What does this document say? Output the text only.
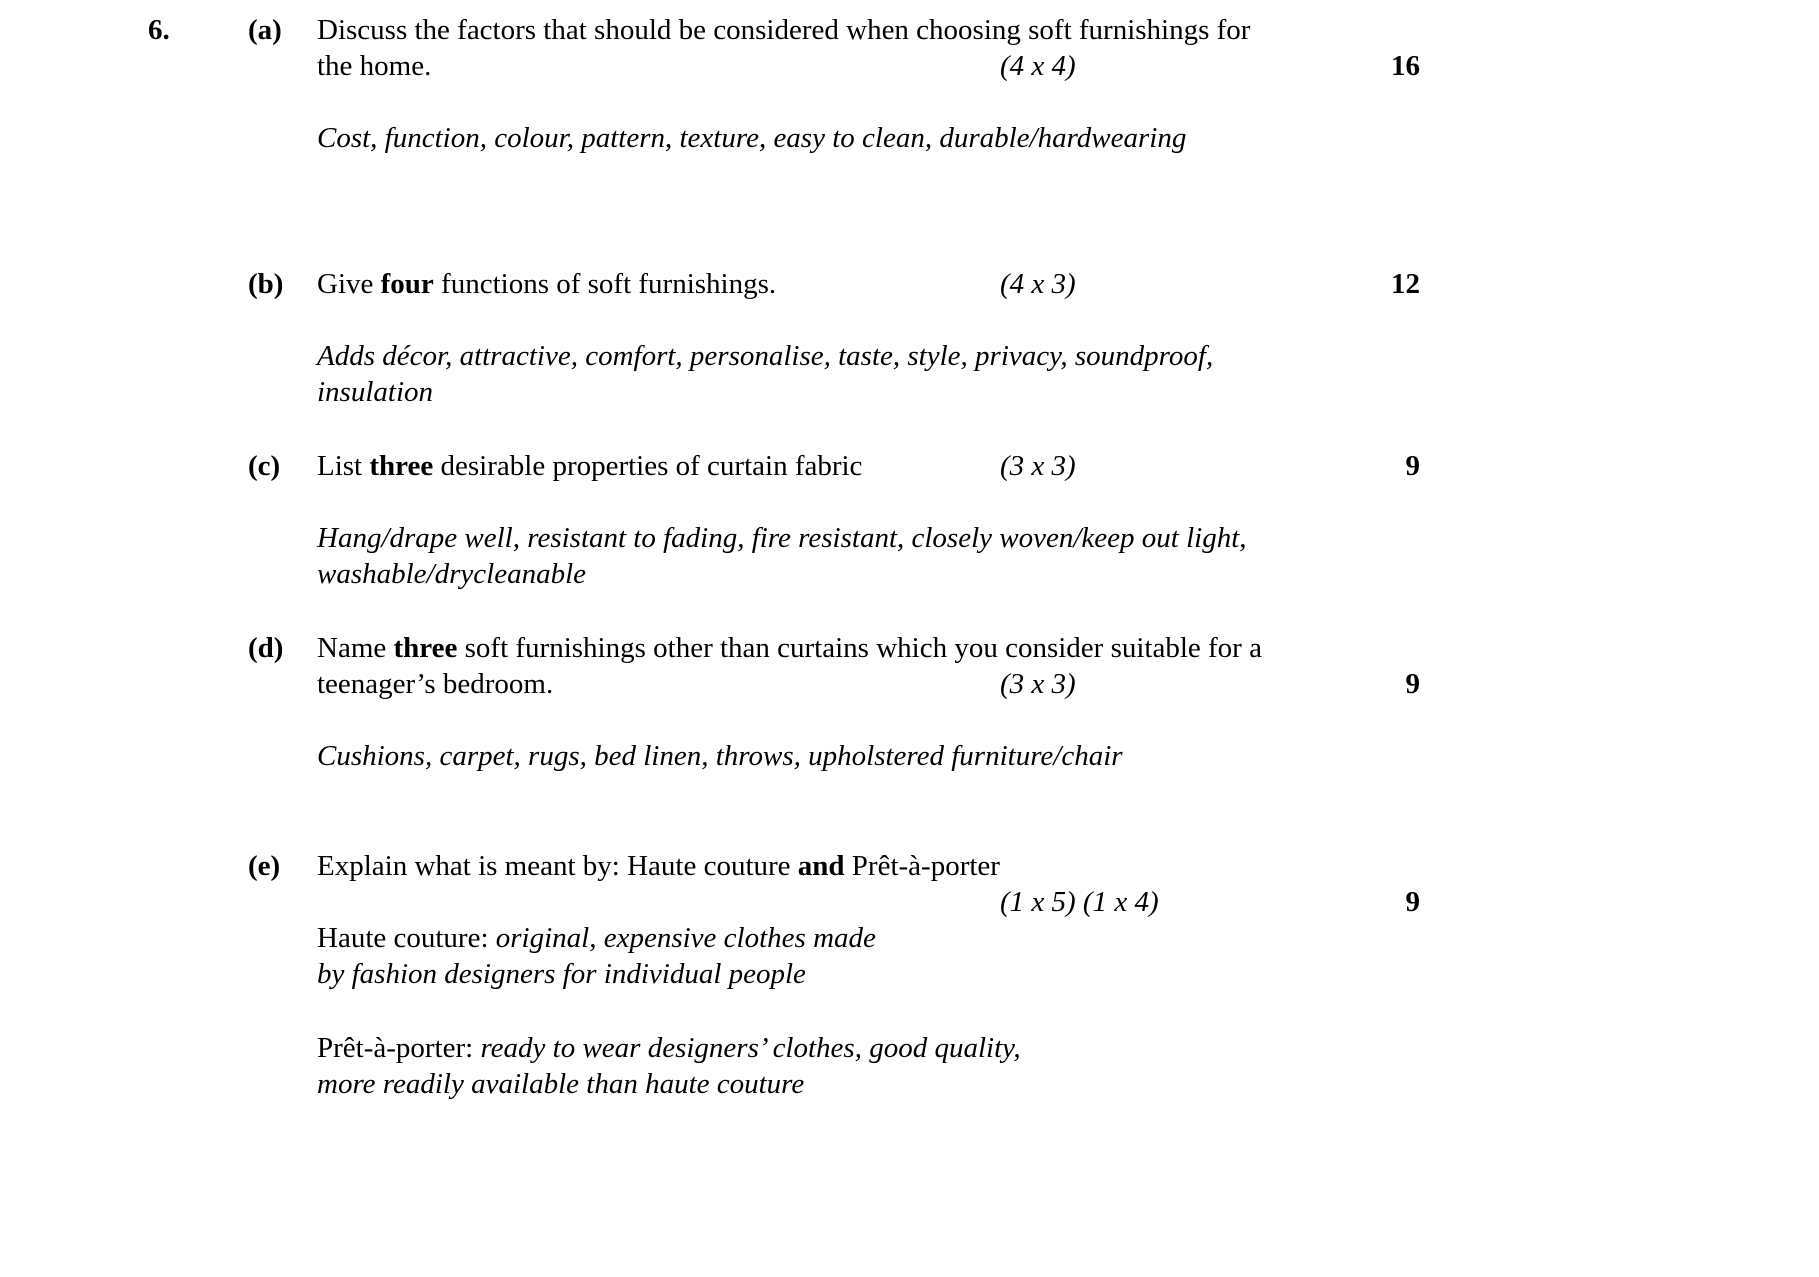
6.	(a) Discuss the factors that should be considered when choosing soft furnishings for
the home.	(4 x 4)	16
Cost, function, colour, pattern, texture, easy to clean, durable/hardwearing
(b) Give four functions of soft furnishings.	(4 x 3)	12
Adds décor, attractive, comfort, personalise, taste, style, privacy, soundproof,
insulation
(c) List three desirable properties of curtain fabric	(3 x 3)	9
Hang/drape well, resistant to fading, fire resistant, closely woven/keep out light,
washable/drycleanable
(d) Name three soft furnishings other than curtains which you consider suitable for a
teenager’s bedroom.	(3 x 3)	9
Cushions, carpet, rugs, bed linen, throws, upholstered furniture/chair
(e) Explain what is meant by: Haute couture and Prêt-à-porter
(1 x 5) (1 x 4)	9
Haute couture: original, expensive clothes made
by fashion designers for individual people
Prêt-à-porter: ready to wear designers’ clothes, good quality,
more readily available than haute couture
